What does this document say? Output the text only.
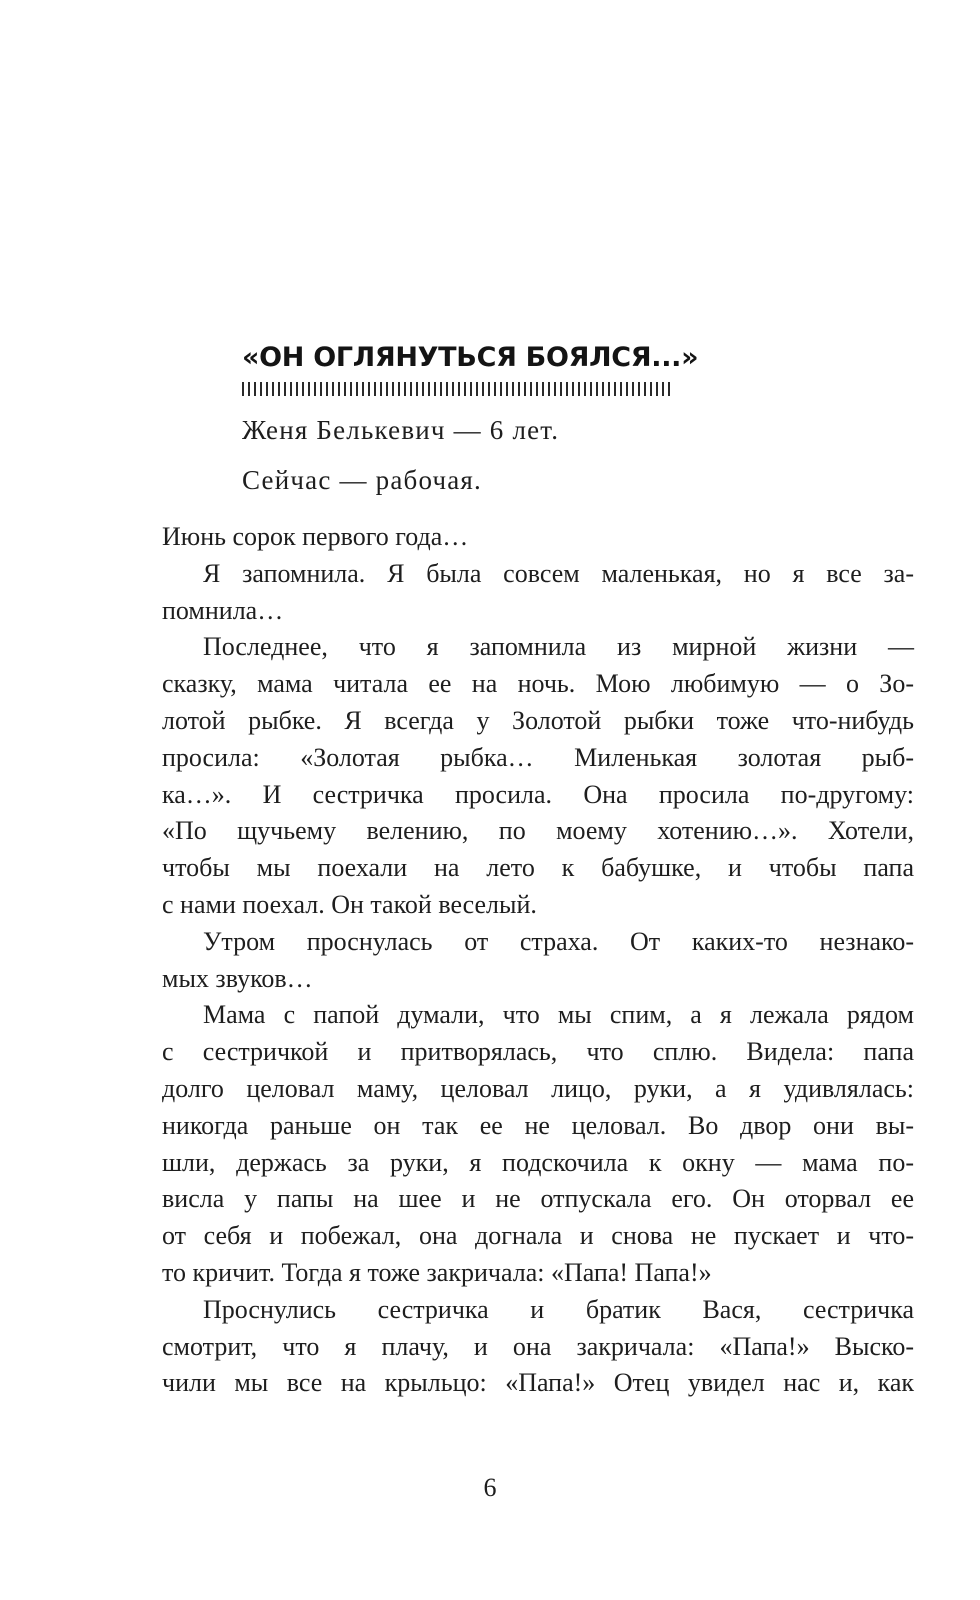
«ОН ОГЛЯНУТЬСЯ БОЯЛСЯ...»

Женя Белькевич — 6 лет.

Сейчас — рабочая.

Июнь сорок первого года…
Я запомнила. Я была совсем маленькая, но я все за-
помнила…
Последнее, что я запомнила из мирной жизни —
сказку, мама читала ее на ночь. Мою любимую — о Зо-
лотой рыбке. Я всегда у Золотой рыбки тоже что-нибудь
просила: «Золотая рыбка… Миленькая золотая рыб-
ка…». И сестричка просила. Она просила по-другому:
«По щучьему велению, по моему хотению…». Хотели,
чтобы мы поехали на лето к бабушке, и чтобы папа
с нами поехал. Он такой веселый.
Утром проснулась от страха. От каких-то незнако-
мых звуков…
Мама с папой думали, что мы спим, а я лежала рядом
с сестричкой и притворялась, что сплю. Видела: папа
долго целовал маму, целовал лицо, руки, а я удивлялась:
никогда раньше он так ее не целовал. Во двор они вы-
шли, держась за руки, я подскочила к окну — мама по-
висла у папы на шее и не отпускала его. Он оторвал ее
от себя и побежал, она догнала и снова не пускает и что-
то кричит. Тогда я тоже закричала: «Папа! Папа!»
Проснулись сестричка и братик Вася, сестричка
смотрит, что я плачу, и она закричала: «Папа!» Выско-
чили мы все на крыльцо: «Папа!» Отец увидел нас и, как

6
